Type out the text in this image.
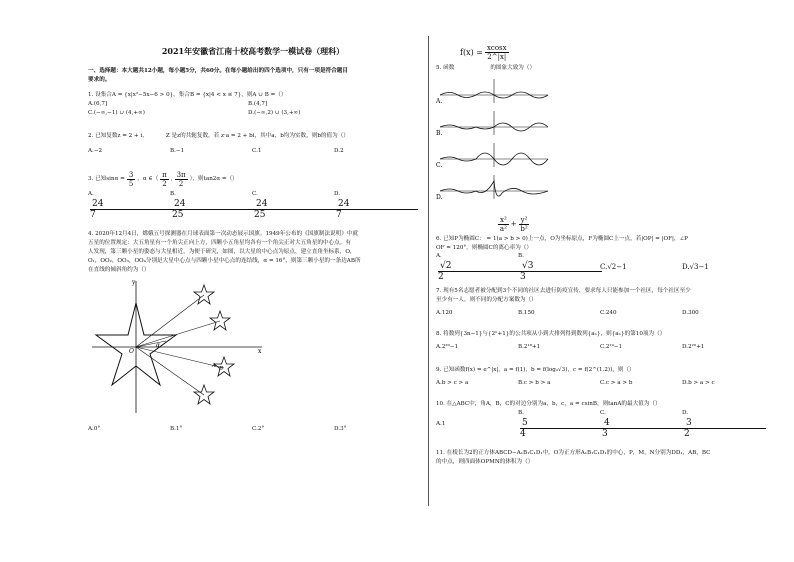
2021年安徽省江南十校高考数学一模试卷（理科）
一、选择题：本大题共12小题，每小题5分，共60分。在每小题给出的四个选项中，只有一项是符合题目
要求的。
1. 设集合A = {x|x²−5x−6 > 0}，集合B = {x|4 < x ≤ 7}，则A ∪ B =（）
A.(6,7]	B.(4,7]
C.(−∞,−1) ∪ (4,+∞)	D.(−∞,2) ∪ (3,+∞)
2. 已知复数z = 2 + i，	Z 是z的共轭复数，若 z·a = 2 + bi，其中a，b均为实数，则b的值为（）
A.−2	B.−1	C.1	D.2
3. 已知$\sin\alpha = \frac{3}{5}$ ，α ∈（ $\frac{\pi}{2}$ , $\frac{3\pi}{2}$ ），则tan2α =（）
$A.\frac{24}{7}$
$B.\frac{24}{25}$
$C.\frac{24}{25}$
$D.\frac{24}{7}$
4. 2020年12月4日，嫦娥五号探测器在月球表面第一次动态展示国旗。1949年公布的《国旗制法说明》中就
五星的位置规定：大五角星有一个角尖正向上方，四颗小五角星均各有一个角尖正对大五角星的中心点。有
人发现，第三颗小星的姿态与大星相近，为便于研究，如图，以大星的中心点为原点，建立直角坐标系，O，
O₁，OO₂，OO₃，OO₄分别是大星中心点与四颗小星中心点的连结线，α = 16°，则第三颗小星的一条边AB所
在直线的倾斜角约为（）
y
x
O
α
A B
A.0°	B.1°	C.2°	D.3°
$f(x) = \frac{xcosx}{2\^{}|x|}$
5. 函数	的图象大致为（）
A.
B.
C.
D.
$\frac{\text{x²}}{\text{a²}} + \frac{\text{y²}}{\text{b²}}$
6. 已知P为椭圆C： = 1(a > b > 0)上一点，O为坐标原点，F为椭圆C上一点，若|OP| = |OF|，∠P
OF = 120°，则椭圆C的离心率为（）
$A.\frac{√2}{2}$
$B.\frac{√3}{3}$
C.√2−1	D.√3−1
7. 现有5名志愿者被分配到3个不同的社区去进行防疫宣传，要求每人只能参加一个社区，每个社区至少
至少有一人，则不同的分配方案数为（）
A.120	B.150	C.240	D.300
8. 将数列{3n−1}与{2ⁿ+1}的公共项从小到大排列得到数列{aₙ}，则{aₙ}的第10项为（）
A.2²⁰−1	B.2¹⁸+1	C.2¹⁹−1	D.2²⁰+1
9. 已知函数f(x) = e^|x|，a = f(1)，b = f(log₂√3)，c = f(2^(1.2))，则（）
A.b > c > a	B.c > b > a	C.c > a > b	D.b > a > c
10. 在△ABC中，角A，B，C的对边分别为a，b，c，a = csinB，则tanA的最大值为（）
A.1
$B.\frac{5}{4}$
$C.\frac{4}{3}$
$D.\frac{3}{2}$
11. 在棱长为2的正方体ABCD−A₁B₁C₁D₁中，O为正方形A₁B₁C₁D₁的中心，P，M，N分别为DD₁，AB，BC
的中点，则四面体OPMN的体积为（）
